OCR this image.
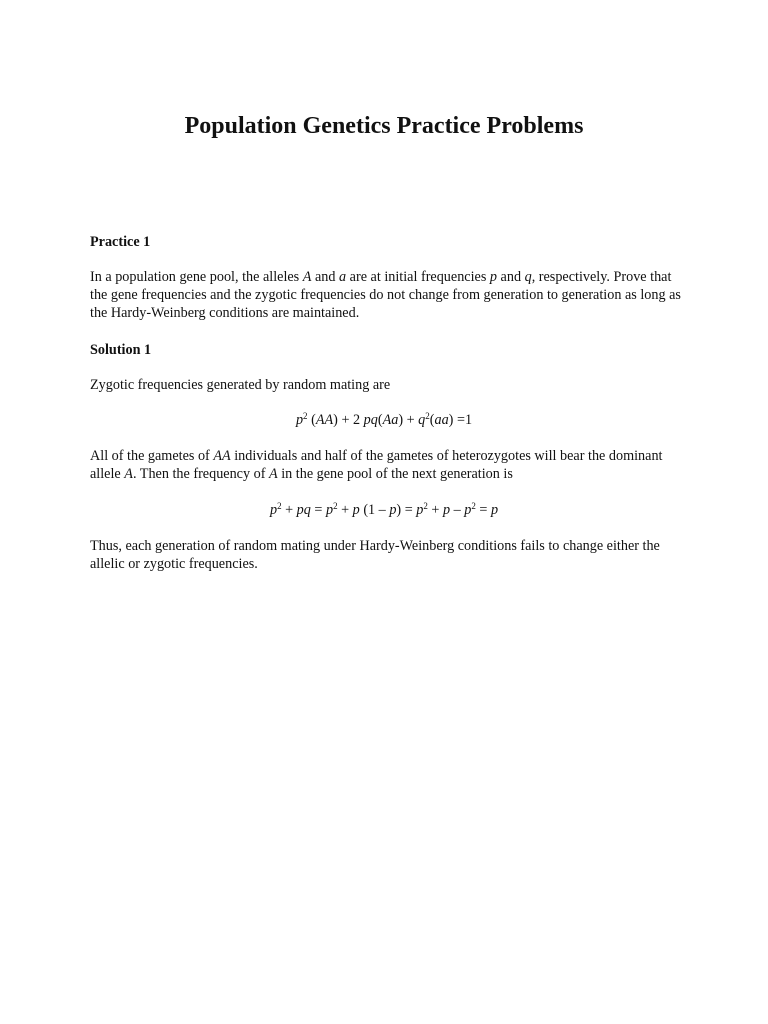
Population Genetics Practice Problems

Practice 1

In a population gene pool, the alleles A and a are at initial frequencies p and q, respectively. Prove that the gene frequencies and the zygotic frequencies do not change from generation to generation as long as the Hardy-Weinberg conditions are maintained.

Solution 1

Zygotic frequencies generated by random mating are

$p^2$ (AA) + 2 $pq(Aa) + q^2(aa) =1$

All of the gametes of AA individuals and half of the gametes of heterozygotes will bear the dominant allele A. Then the frequency of A in the gene pool of the next generation is

$p^2$ + pq = $p^2 + p$ $(1 - p) = p^2 + p - p^2 = p$

Thus, each generation of random mating under Hardy-Weinberg conditions fails to change either the allelic or zygotic frequencies.
